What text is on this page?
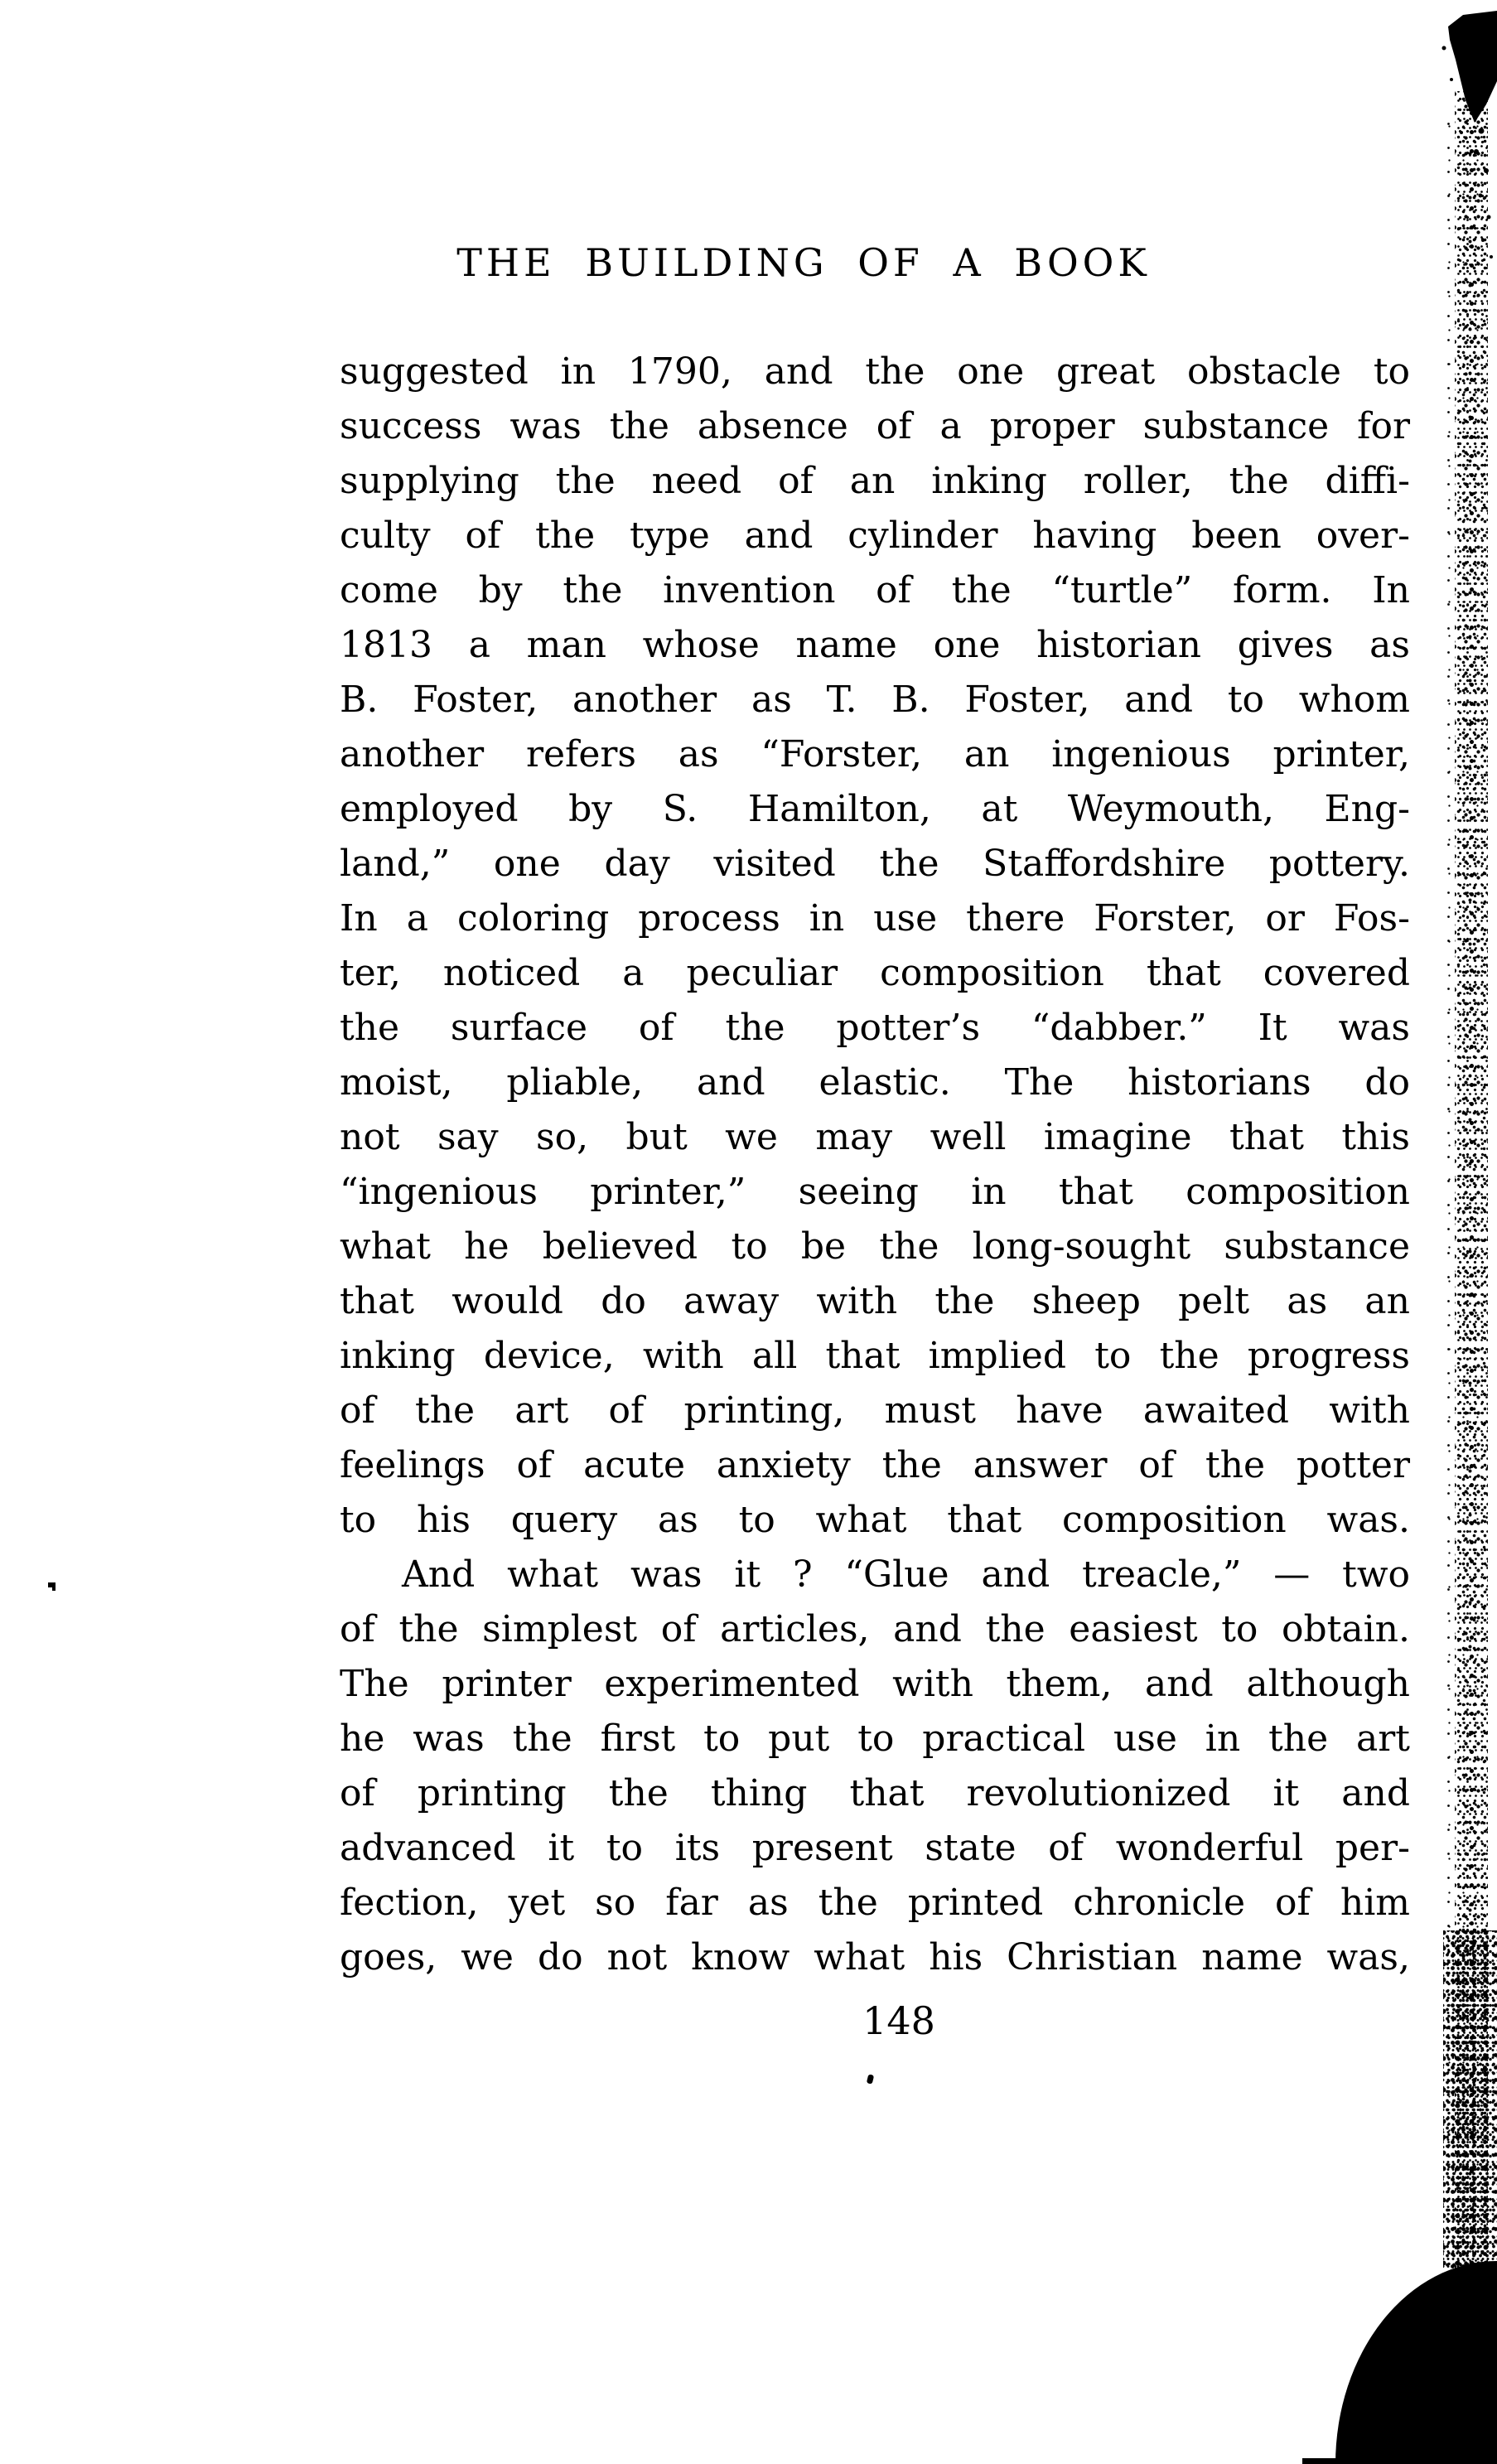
THE BUILDING OF A BOOK
suggested in 1790, and the one great obstacle to
success was the absence of a proper substance for
supplying the need of an inking roller, the diffi-
culty of the type and cylinder having been over-
come by the invention of the “turtle” form. In
1813 a man whose name one historian gives as
B. Foster, another as T. B. Foster, and to whom
another refers as “Forster, an ingenious printer,
employed by S. Hamilton, at Weymouth, Eng-
land,” one day visited the Staffordshire pottery.
In a coloring process in use there Forster, or Fos-
ter, noticed a peculiar composition that covered
the surface of the potter’s “dabber.” It was
moist, pliable, and elastic. The historians do
not say so, but we may well imagine that this
“ingenious printer,” seeing in that composition
what he believed to be the long-sought substance
that would do away with the sheep pelt as an
inking device, with all that implied to the progress
of the art of printing, must have awaited with
feelings of acute anxiety the answer of the potter
to his query as to what that composition was.
And what was it ? “Glue and treacle,” — two
of the simplest of articles, and the easiest to obtain.
The printer experimented with them, and although
he was the first to put to practical use in the art
of printing the thing that revolutionized it and
advanced it to its present state of wonderful per-
fection, yet so far as the printed chronicle of him
goes, we do not know what his Christian name was,
148
